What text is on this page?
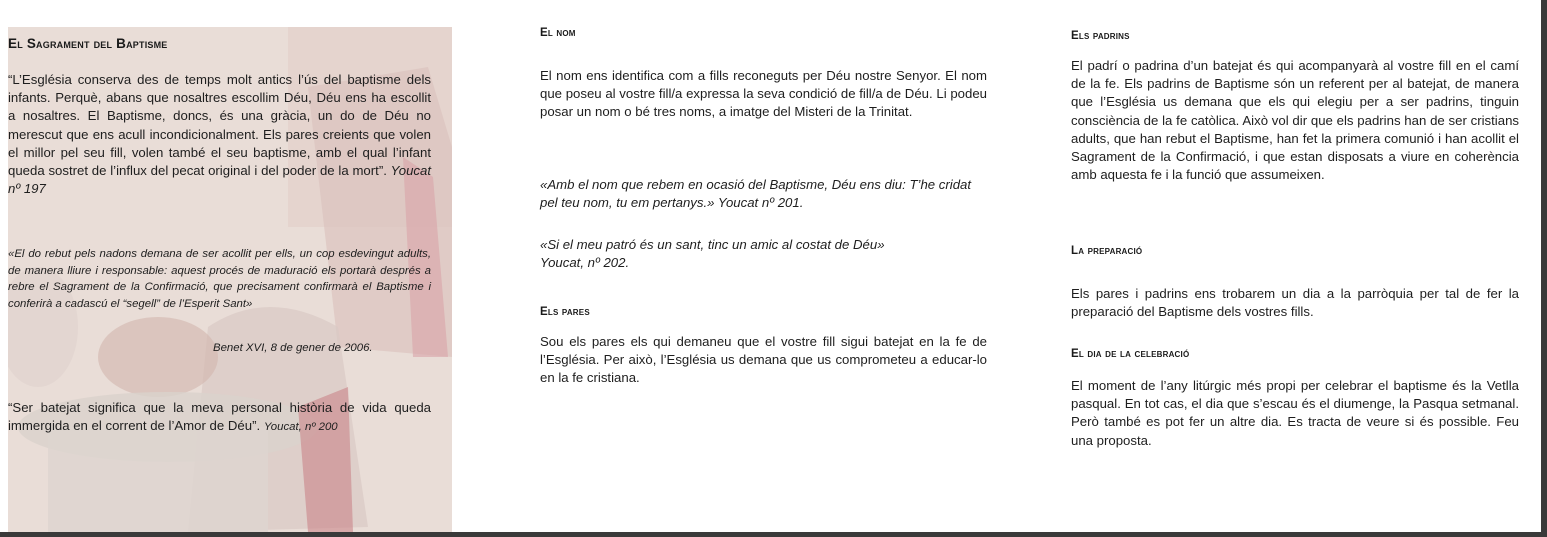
El Sagrament del Baptisme

“L’Església conserva des de temps molt antics l’ús del baptisme dels infants. Perquè, abans que nosaltres escollim Déu, Déu ens ha escollit a nosaltres. El Baptisme, doncs, és una gràcia, un do de Déu no merescut que ens acull incondicionalment. Els pares creients que volen el millor pel seu fill, volen també el seu baptisme, amb el qual l’infant queda sostret de l’influx del pecat original i del poder de la mort”. Youcat nº 197

«El do rebut pels nadons demana de ser acollit per ells, un cop esdevingut adults, de manera lliure i responsable: aquest procés de maduració els portarà després a rebre el Sagrament de la Confirmació, que precisament confirmarà el Baptisme i conferirà a cadascú el “segell” de l’Esperit Sant»

Benet XVI, 8 de gener de 2006.

“Ser batejat significa que la meva personal història de vida queda immergida en el corrent de l’Amor de Déu”. Youcat, nº 200

El nom

El nom ens identifica com a fills reconeguts per Déu nostre Senyor. El nom que poseu al vostre fill/a expressa la seva condició de fill/a de Déu. Li podeu posar un nom o bé tres noms, a imatge del Misteri de la Trinitat.

«Amb el nom que rebem en ocasió del Baptisme, Déu ens diu: T’he cridat pel teu nom, tu em pertanys.» Youcat nº 201.

«Si el meu patró és un sant, tinc un amic al costat de Déu»
Youcat, nº 202.

Els pares

Sou els pares els qui demaneu que el vostre fill sigui batejat en la fe de l’Església. Per això, l’Església us demana que us comprometeu a educar-lo en la fe cristiana.

Els padrins

El padrí o padrina d’un batejat és qui acompanyarà al vostre fill en el camí de la fe. Els padrins de Baptisme són un referent per al batejat, de manera que l’Església us demana que els qui elegiu per a ser padrins, tinguin consciència de la fe catòlica. Això vol dir que els padrins han de ser cristians adults, que han rebut el Baptisme, han fet la primera comunió i han acollit el Sagrament de la Confirmació, i que estan disposats a viure en coherència amb aquesta fe i la funció que assumeixen.

La preparació

Els pares i padrins ens trobarem un dia a la parròquia per tal de fer la preparació del Baptisme dels vostres fills.

El dia de la celebració

El moment de l’any litúrgic més propi per celebrar el baptisme és la Vetlla pasqual. En tot cas, el dia que s’escau és el diumenge, la Pasqua setmanal. Però també es pot fer un altre dia. Es tracta de veure si és possible. Feu una proposta.
